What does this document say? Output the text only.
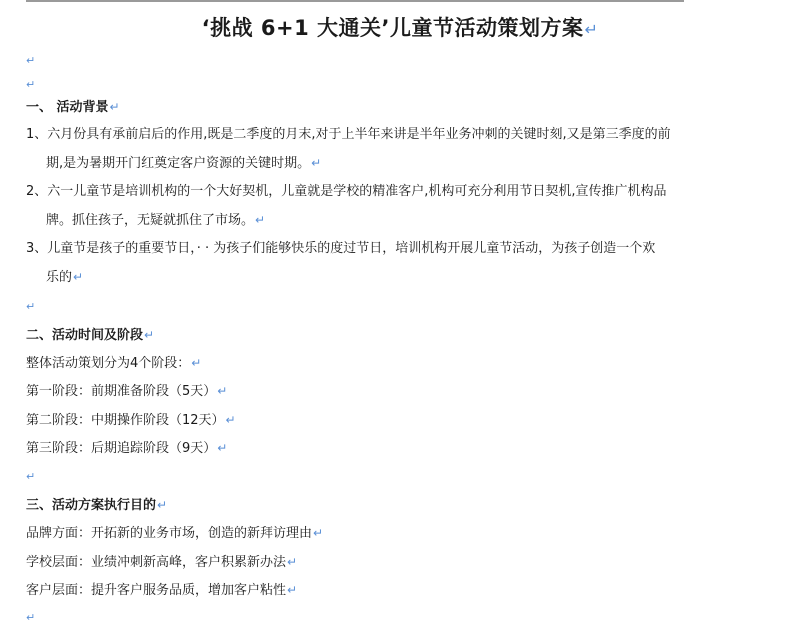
‘挑战 6+1 大通关’儿童节活动策划方案↵
↵
↵
一、 活动背景↵
1、六月份具有承前启后的作用,既是二季度的月末,对于上半年来讲是半年业务冲刺的关键时刻,又是第三季度的前
期,是为暑期开门红奠定客户资源的关键时期。↵
2、六一儿童节是培训机构的一个大好契机，儿童就是学校的精准客户,机构可充分利用节日契机,宣传推广机构品
牌。抓住孩子，无疑就抓住了市场。↵
3、儿童节是孩子的重要节日，· · 为孩子们能够快乐的度过节日，培训机构开展儿童节活动，为孩子创造一个欢
乐的↵
↵
二、活动时间及阶段↵
整体活动策划分为4个阶段：↵
第一阶段：前期准备阶段（5天）↵
第二阶段：中期操作阶段（12天）↵
第三阶段：后期追踪阶段（9天）↵
↵
三、活动方案执行目的↵
品牌方面：开拓新的业务市场，创造的新拜访理由↵
学校层面：业绩冲刺新高峰，客户积累新办法↵
客户层面：提升客户服务品质，增加客户粘性↵
↵
